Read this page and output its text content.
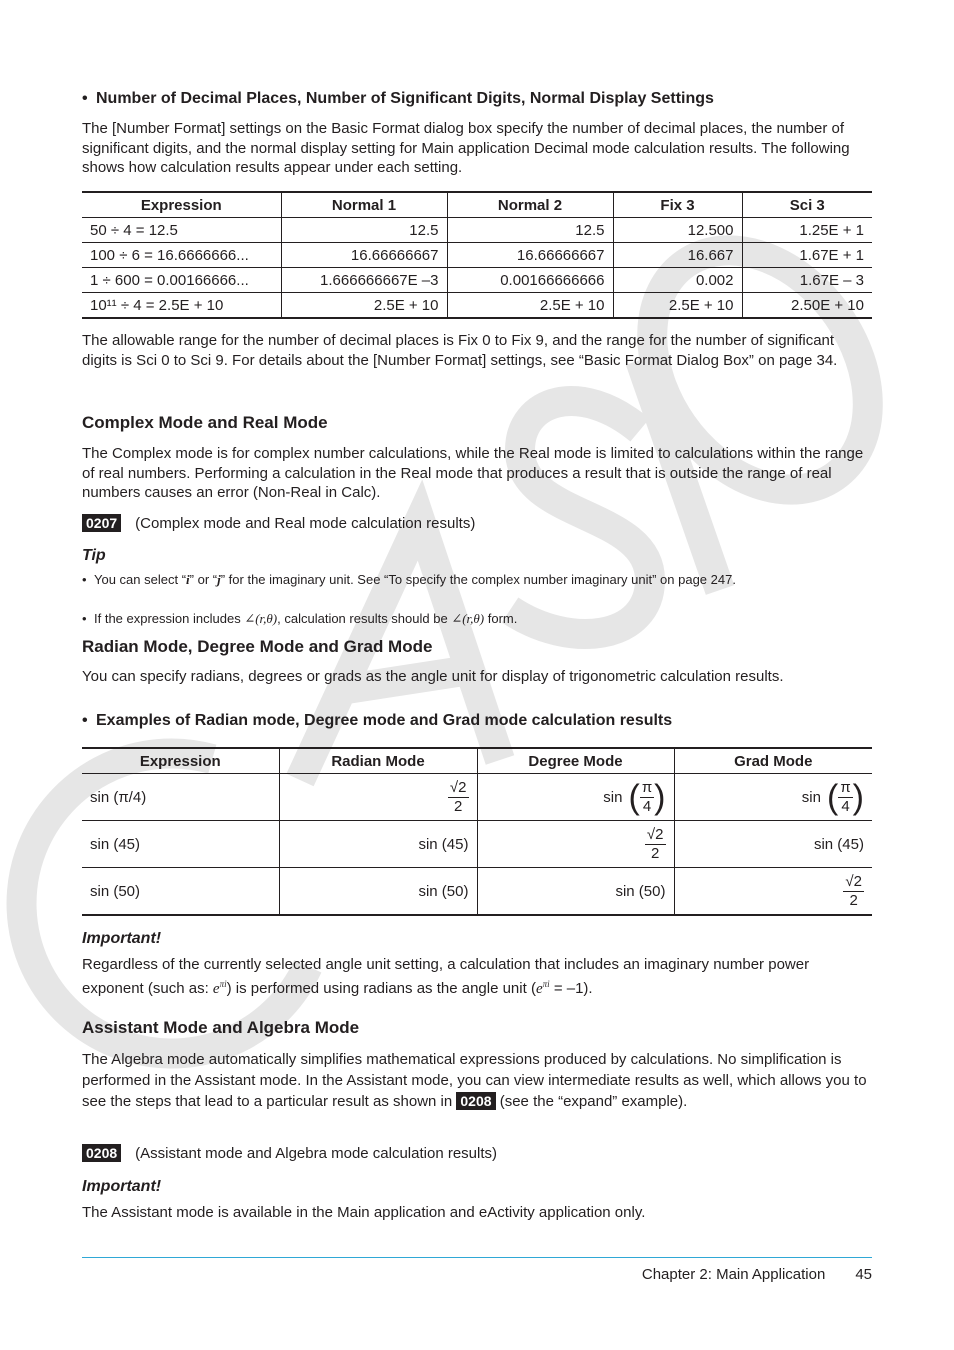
• Number of Decimal Places, Number of Significant Digits, Normal Display Settings

The [Number Format] settings on the Basic Format dialog box specify the number of decimal places, the number of significant digits, and the normal display setting for Main application Decimal mode calculation results. The following shows how calculation results appear under each setting.

Expression	Normal 1	Normal 2	Fix 3	Sci 3
50 ÷ 4 = 12.5	12.5	12.5	12.500	1.25E + 1
100 ÷ 6 = 16.6666666...	16.66666667	16.66666667	16.667	1.67E + 1
1 ÷ 600 = 0.00166666...	1.666666667E –3	0.00166666666	0.002	1.67E – 3
10¹¹ ÷ 4 = 2.5E + 10	2.5E + 10	2.5E + 10	2.5E + 10	2.50E + 10

The allowable range for the number of decimal places is Fix 0 to Fix 9, and the range for the number of significant digits is Sci 0 to Sci 9. For details about the [Number Format] settings, see “Basic Format Dialog Box” on page 34.

Complex Mode and Real Mode

The Complex mode is for complex number calculations, while the Real mode is limited to calculations within the range of real numbers. Performing a calculation in the Real mode that produces a result that is outside the range of real numbers causes an error (Non-Real in Calc).

0207 (Complex mode and Real mode calculation results)
Tip
• You can select “i” or “j” for the imaginary unit. See “To specify the complex number imaginary unit” on page 247.
• If the expression includes ∠(r,θ), calculation results should be ∠(r,θ) form.
Radian Mode, Degree Mode and Grad Mode

You can specify radians, degrees or grads as the angle unit for display of trigonometric calculation results.

• Examples of Radian mode, Degree mode and Grad mode calculation results
Expression	Radian Mode	Degree Mode	Grad Mode
sin (π/4)	$\frac{√2}{2}$	sin ( $\frac{\pi}{4}$ )	sin ( $\frac{\pi}{4}$ )
sin (45)	sin (45)	$\frac{√2}{2}$	sin (45)
sin (50)	sin (50)	sin (50)	$\frac{√2}{2}$
Important!

Regardless of the currently selected angle unit setting, a calculation that includes an imaginary number power exponent (such as: $e^{\pi i}$) is performed using radians as the angle unit $(e^{\pi i} = -1)$.

Assistant Mode and Algebra Mode

The Algebra mode automatically simplifies mathematical expressions produced by calculations. No simplification is performed in the Assistant mode. In the Assistant mode, you can view intermediate results as well, which allows you to see the steps that lead to a particular result as shown in 0208 (see the “expand” example).

0208 (Assistant mode and Algebra mode calculation results)
Important!

The Assistant mode is available in the Main application and eActivity application only.

Chapter 2: Main Application 45
